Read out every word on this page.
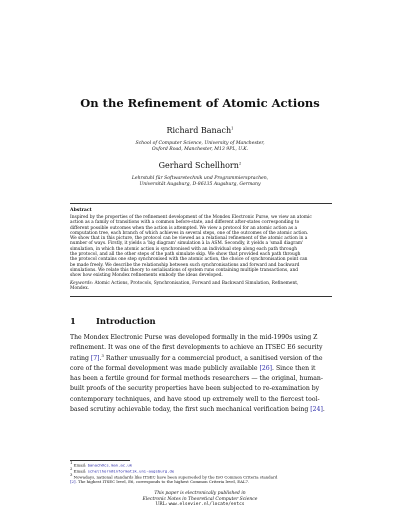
On the Refinement of Atomic Actions
Richard Banach$^1$
School of Computer Science, University of Manchester,
Oxford Road, Manchester, M13 9PL, U.K.
Gerhard Schellhorn$^2$
Lehrstuhl für Softwaretechnik und Programmiersprachen,
Universität Augsburg, D-86135 Augsburg, Germany
Abstract
Inspired by the properties of the refinement development of the Mondex Electronic Purse, we view an atomic
action as a family of transitions with a common before-state, and different after-states corresponding to
different possible outcomes when the action is attempted. We view a protocol for an atomic action as a
computation tree, each branch of which achieves in several steps, one of the outcomes of the atomic action.
We show that in this picture, the protocol can be viewed as a relational refinement of the atomic action in a
number of ways. Firstly, it yields a 'big diagram' simulation à la ASM. Secondly, it yields a 'small diagram'
simulation, in which the atomic action is synchronised with an individual step along each path through
the protocol, and all the other steps of the path simulate skip. We show that provided each path through
the protocol contains one step synchronised with the atomic action, the choice of synchronisation point can
be made freely. We describe the relationship between such synchronisations and forward and backward
simulations. We relate this theory to serialisations of system runs containing multiple transactions, and
show how existing Mondex refinements embody the ideas developed.
Keywords: Atomic Actions, Protocols, Synchronisation, Forward and Backward Simulation, Refinement,
Mondex.
1 Introduction
The Mondex Electronic Purse was developed formally in the mid-1990s using Z
refinement. It was one of the first developments to achieve an ITSEC E6 security
rating [7].$^3$ Rather unusually for a commercial product, a sanitised version of the
core of the formal development was made publicly available [26]. Since then it
has been a fertile ground for formal methods researchers — the original, human-
built proofs of the security properties have been subjected to re-examination by
contemporary techniques, and have stood up extremely well to the fiercest tool-
based scrutiny achievable today, the first such mechanical verification being [24].
1 Email: banach@cs.man.ac.uk
2 Email: schellhorn@informatik.uni-augsburg.de
3 Nowadays, national standards like ITSEC have been superseded by the ISO Common Criteria standard
[2]. The highest ITSEC level, E6, corresponds to the highest Common Criteria level, EAL7.
This paper is electronically published in
Electronic Notes in Theoretical Computer Science
URL: www.elsevier.nl/locate/entcs
